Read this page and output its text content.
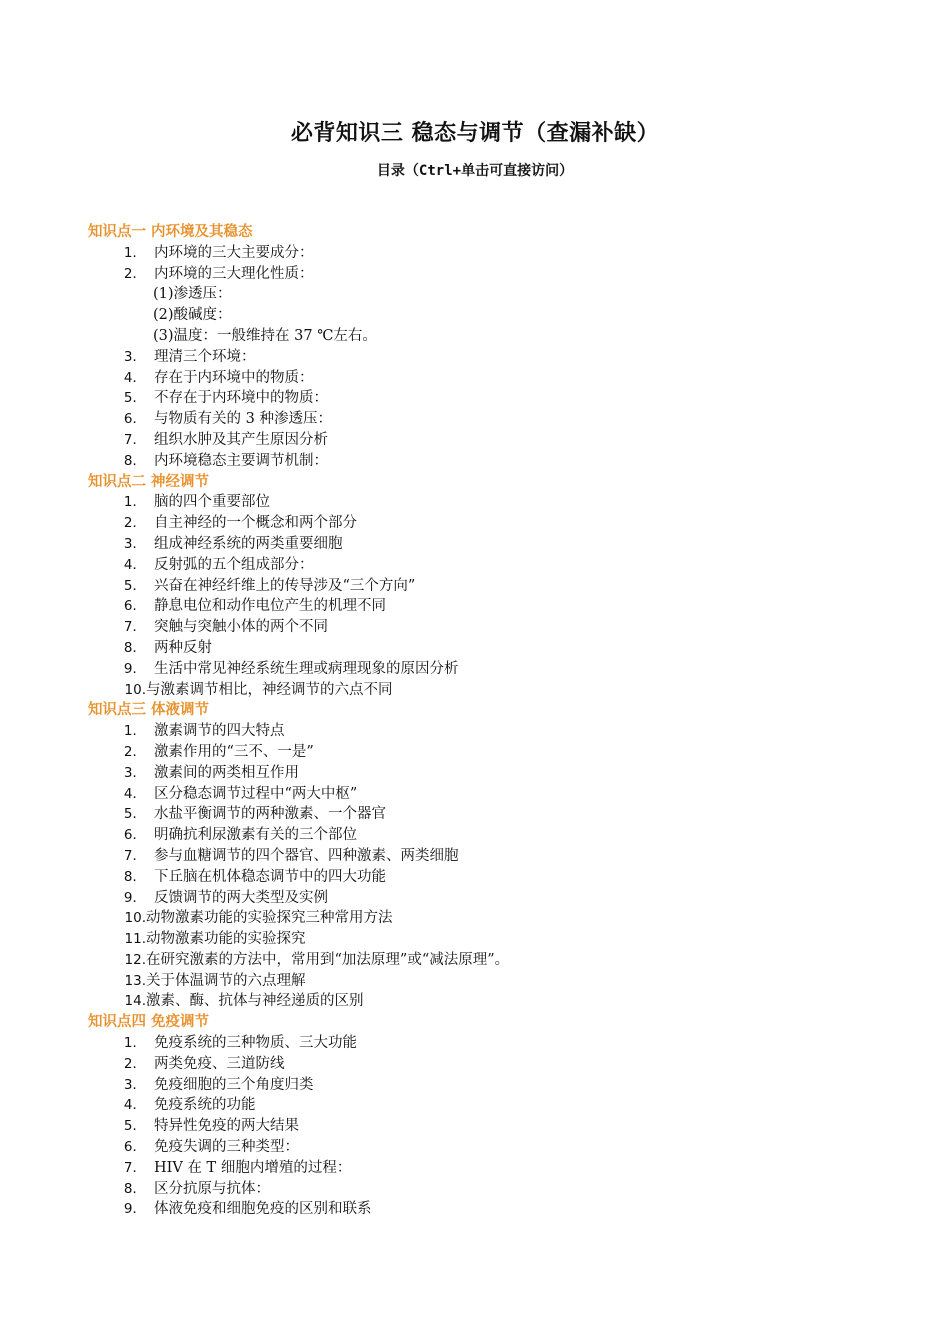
必背知识三 稳态与调节（查漏补缺）
目录（Ctrl+单击可直接访问）
知识点一 内环境及其稳态
1． 内环境的三大主要成分：
2． 内环境的三大理化性质：
(1)渗透压：
(2)酸碱度：
(3)温度：一般维持在 37 ℃左右。
3． 理清三个环境：
4． 存在于内环境中的物质：
5． 不存在于内环境中的物质：
6． 与物质有关的 3 种渗透压：
7． 组织水肿及其产生原因分析
8． 内环境稳态主要调节机制：
知识点二 神经调节
1． 脑的四个重要部位
2． 自主神经的一个概念和两个部分
3． 组成神经系统的两类重要细胞
4． 反射弧的五个组成部分：
5． 兴奋在神经纤维上的传导涉及“三个方向”
6． 静息电位和动作电位产生的机理不同
7． 突触与突触小体的两个不同
8． 两种反射
9． 生活中常见神经系统生理或病理现象的原因分析
10.与激素调节相比，神经调节的六点不同
知识点三 体液调节
1． 激素调节的四大特点
2． 激素作用的“三不、一是”
3． 激素间的两类相互作用
4． 区分稳态调节过程中“两大中枢”
5． 水盐平衡调节的两种激素、一个器官
6． 明确抗利尿激素有关的三个部位
7． 参与血糖调节的四个器官、四种激素、两类细胞
8． 下丘脑在机体稳态调节中的四大功能
9． 反馈调节的两大类型及实例
10.动物激素功能的实验探究三种常用方法
11.动物激素功能的实验探究
12.在研究激素的方法中，常用到“加法原理”或“减法原理”。
13.关于体温调节的六点理解
14.激素、酶、抗体与神经递质的区别
知识点四 免疫调节
1． 免疫系统的三种物质、三大功能
2． 两类免疫、三道防线
3． 免疫细胞的三个角度归类
4． 免疫系统的功能
5． 特异性免疫的两大结果
6． 免疫失调的三种类型：
7． HIV 在 T 细胞内增殖的过程：
8． 区分抗原与抗体：
9． 体液免疫和细胞免疫的区别和联系
